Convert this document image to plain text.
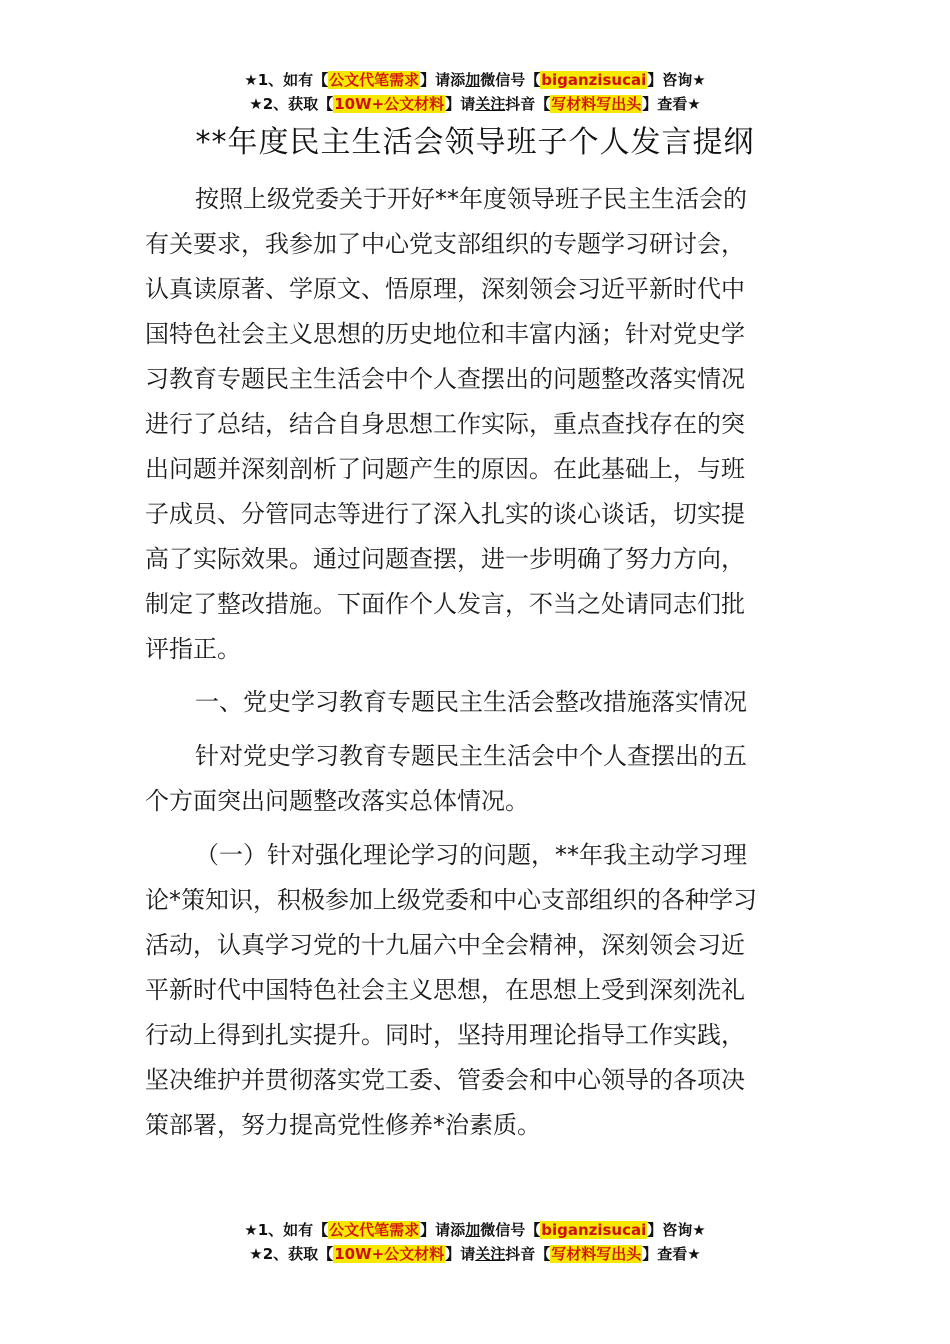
★1、如有【公文代笔需求】请添加微信号【biganzisucai】咨询★
★2、获取【10W+公文材料】请关注抖音【写材料写出头】查看★
**年度民主生活会领导班子个人发言提纲
按照上级党委关于开好**年度领导班子民主生活会的
有关要求，我参加了中心党支部组织的专题学习研讨会，
认真读原著、学原文、悟原理，深刻领会习近平新时代中
国特色社会主义思想的历史地位和丰富内涵；针对党史学
习教育专题民主生活会中个人查摆出的问题整改落实情况
进行了总结，结合自身思想工作实际，重点查找存在的突
出问题并深刻剖析了问题产生的原因。在此基础上，与班
子成员、分管同志等进行了深入扎实的谈心谈话，切实提
高了实际效果。通过问题查摆，进一步明确了努力方向，
制定了整改措施。下面作个人发言，不当之处请同志们批
评指正。
一、党史学习教育专题民主生活会整改措施落实情况
针对党史学习教育专题民主生活会中个人查摆出的五
个方面突出问题整改落实总体情况。
（一）针对强化理论学习的问题，**年我主动学习理
论*策知识，积极参加上级党委和中心支部组织的各种学习
活动，认真学习党的十九届六中全会精神，深刻领会习近
平新时代中国特色社会主义思想，在思想上受到深刻洗礼
行动上得到扎实提升。同时，坚持用理论指导工作实践，
坚决维护并贯彻落实党工委、管委会和中心领导的各项决
策部署，努力提高党性修养*治素质。
★1、如有【公文代笔需求】请添加微信号【biganzisucai】咨询★
★2、获取【10W+公文材料】请关注抖音【写材料写出头】查看★
